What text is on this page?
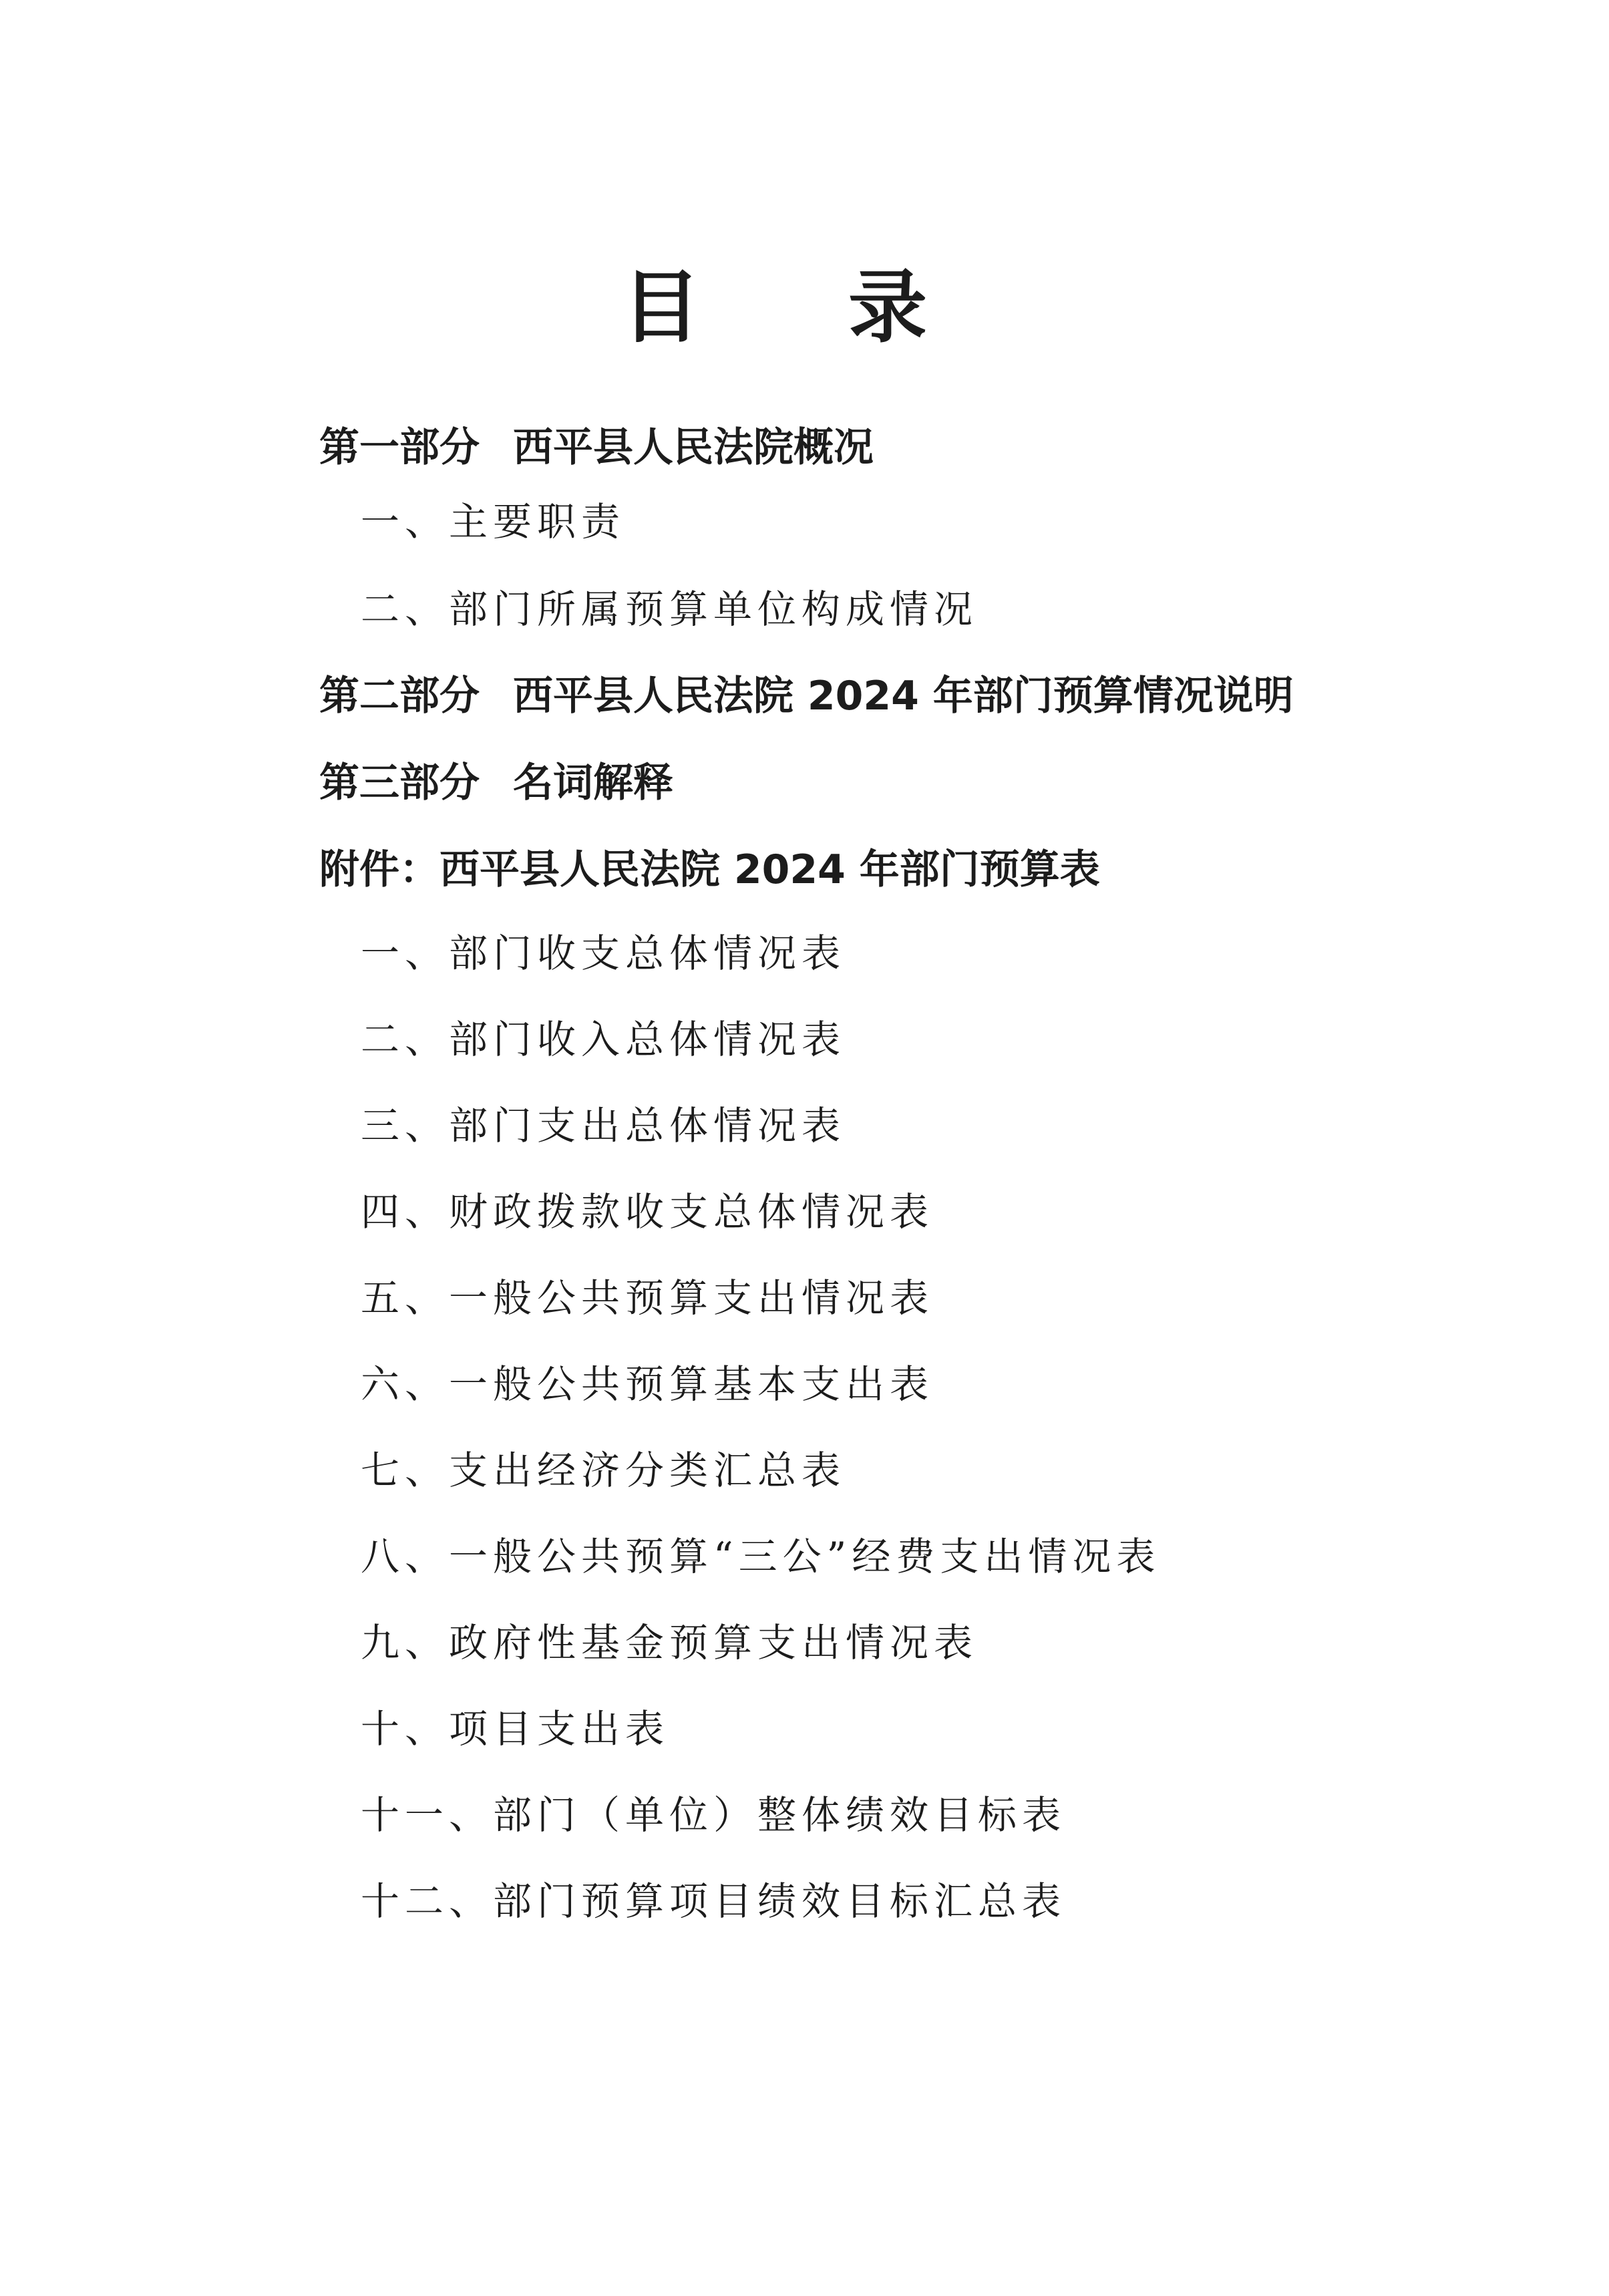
目 录
第一部分 西平县人民法院概况
一、主要职责
二、部门所属预算单位构成情况
第二部分 西平县人民法院 2024 年部门预算情况说明
第三部分 名词解释
附件：西平县人民法院 2024 年部门预算表
一、部门收支总体情况表
二、部门收入总体情况表
三、部门支出总体情况表
四、财政拨款收支总体情况表
五、一般公共预算支出情况表
六、一般公共预算基本支出表
七、支出经济分类汇总表
八、一般公共预算“三公”经费支出情况表
九、政府性基金预算支出情况表
十、项目支出表
十一、部门（单位）整体绩效目标表
十二、部门预算项目绩效目标汇总表
